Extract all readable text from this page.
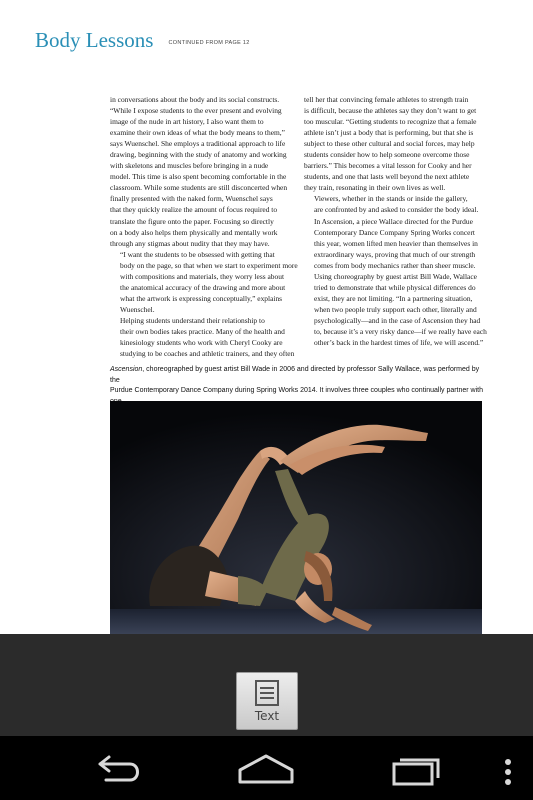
Body Lessons	CONTINUED FROM PAGE 12

in conversations about the body and its social constructs.
“While I expose students to the ever present and evolving
image of the nude in art history, I also want them to
examine their own ideas of what the body means to them,”
says Wuenschel. She employs a traditional approach to life
drawing, beginning with the study of anatomy and working
with skeletons and muscles before bringing in a nude
model. This time is also spent becoming comfortable in the
classroom. While some students are still disconcerted when
finally presented with the naked form, Wuenschel says
that they quickly realize the amount of focus required to
translate the figure onto the paper. Focusing so directly
on a body also helps them physically and mentally work
through any stigmas about nudity that they may have.

“I want the students to be obsessed with getting that
body on the page, so that when we start to experiment more
with compositions and materials, they worry less about
the anatomical accuracy of the drawing and more about
what the artwork is expressing conceptually,” explains
Wuenschel.

Helping students understand their relationship to
their own bodies takes practice. Many of the health and
kinesiology students who work with Cheryl Cooky are
studying to be coaches and athletic trainers, and they often

tell her that convincing female athletes to strength train
is difficult, because the athletes say they don’t want to get
too muscular. “Getting students to recognize that a female
athlete isn’t just a body that is performing, but that she is
subject to these other cultural and social forces, may help
students consider how to help someone overcome those
barriers.” This becomes a vital lesson for Cooky and her
students, and one that lasts well beyond the next athlete
they train, resonating in their own lives as well.

Viewers, whether in the stands or inside the gallery,
are confronted by and asked to consider the body ideal.
In Ascension, a piece Wallace directed for the Purdue
Contemporary Dance Company Spring Works concert
this year, women lifted men heavier than themselves in
extraordinary ways, proving that much of our strength
comes from body mechanics rather than sheer muscle.
Using choreography by guest artist Bill Wade, Wallace
tried to demonstrate that while physical differences do
exist, they are not limiting. “In a partnering situation,
when two people truly support each other, literally and
psychologically—and in the case of Ascension they had
to, because it’s a very risky dance—if we really have each
other’s back in the hardest times of life, we will ascend.”

Ascension, choreographed by guest artist Bill Wade in 2006 and directed by professor Sally Wallace, was performed by the
Purdue Contemporary Dance Company during Spring Works 2014. It involves three couples who continually partner with

Text
